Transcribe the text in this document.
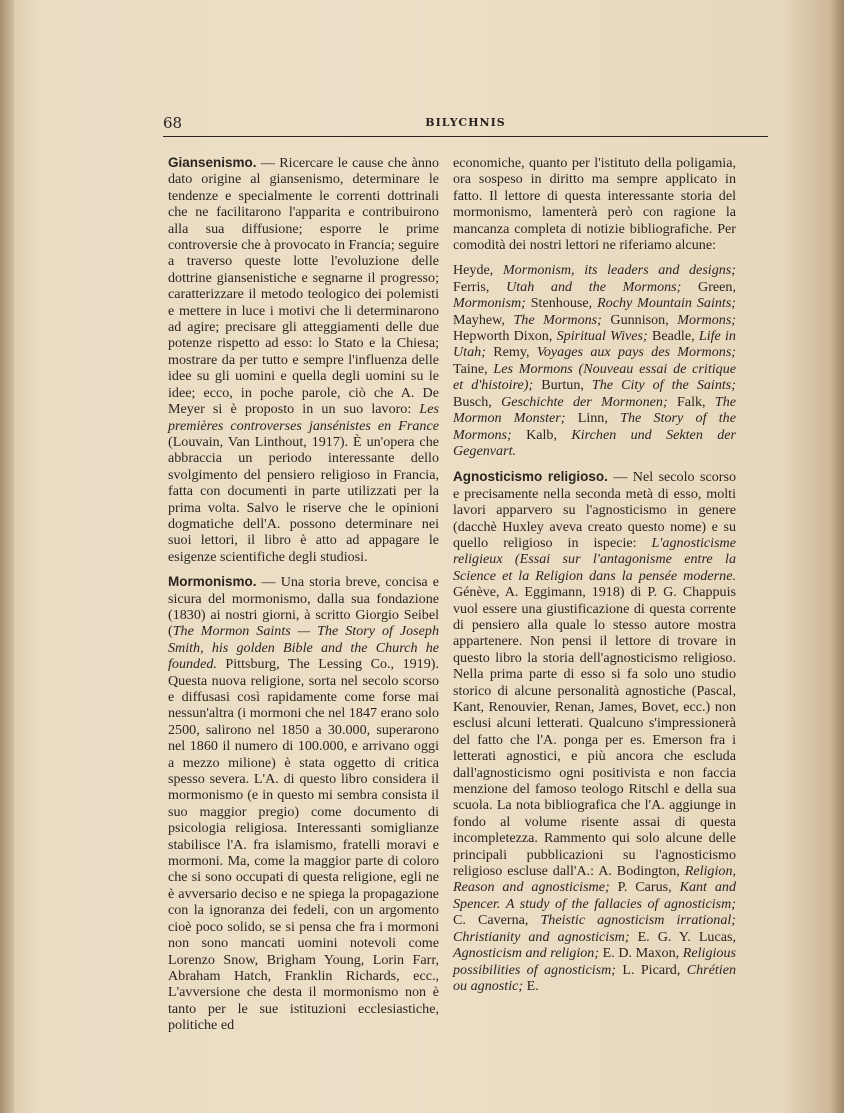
68	BILYCHNIS

Giansenismo. — Ricercare le cause che ànno dato origine al giansenismo, determinare le tendenze e specialmente le correnti dottrinali che ne facilitarono l'apparita e contribuirono alla sua diffusione; esporre le prime controversie che à provocato in Francia; seguire a traverso queste lotte l'evoluzione delle dottrine giansenistiche e segnarne il progresso; caratterizzare il metodo teologico dei polemisti e mettere in luce i motivi che li determinarono ad agire; precisare gli atteggiamenti delle due potenze rispetto ad esso: lo Stato e la Chiesa; mostrare da per tutto e sempre l'influenza delle idee su gli uomini e quella degli uomini su le idee; ecco, in poche parole, ciò che A. De Meyer si è proposto in un suo lavoro: Les premières controverses jansénistes en France (Louvain, Van Linthout, 1917). È un'opera che abbraccia un periodo interessante dello svolgimento del pensiero religioso in Francia, fatta con documenti in parte utilizzati per la prima volta. Salvo le riserve che le opinioni dogmatiche dell'A. possono determinare nei suoi lettori, il libro è atto ad appagare le esigenze scientifiche degli studiosi.

Mormonismo. — Una storia breve, concisa e sicura del mormonismo, dalla sua fondazione (1830) ai nostri giorni, à scritto Giorgio Seibel (The Mormon Saints — The Story of Joseph Smith, his golden Bible and the Church he founded. Pittsburg, The Lessing Co., 1919). Questa nuova religione, sorta nel secolo scorso e diffusasi così rapidamente come forse mai nessun'altra (i mormoni che nel 1847 erano solo 2500, salirono nel 1850 a 30.000, superarono nel 1860 il numero di 100.000, e arrivano oggi a mezzo milione) è stata oggetto di critica spesso severa. L'A. di questo libro considera il mormonismo (e in questo mi sembra consista il suo maggior pregio) come documento di psicologia religiosa. Interessanti somiglianze stabilisce l'A. fra islamismo, fratelli moravi e mormoni. Ma, come la maggior parte di coloro che si sono occupati di questa religione, egli ne è avversario deciso e ne spiega la propagazione con la ignoranza dei fedeli, con un argomento cioè poco solido, se si pensa che fra i mormoni non sono mancati uomini notevoli come Lorenzo Snow, Brigham Young, Lorin Farr, Abraham Hatch, Franklin Richards, ecc., L'avversione che desta il mormonismo non è tanto per le sue istituzioni ecclesiastiche, politiche ed

economiche, quanto per l'istituto della poligamia, ora sospeso in diritto ma sempre applicato in fatto. Il lettore di questa interessante storia del mormonismo, lamenterà però con ragione la mancanza completa di notizie bibliografiche. Per comodità dei nostri lettori ne riferiamo alcune:

Heyde, Mormonism, its leaders and designs; Ferris, Utah and the Mormons; Green, Mormonism; Stenhouse, Rochy Mountain Saints; Mayhew, The Mormons; Gunnison, Mormons; Hepworth Dixon, Spiritual Wives; Beadle, Life in Utah; Remy, Voyages aux pays des Mormons; Taine, Les Mormons (Nouveau essai de critique et d'histoire); Burtun, The City of the Saints; Busch, Geschichte der Mormonen; Falk, The Mormon Monster; Linn, The Story of the Mormons; Kalb, Kirchen und Sekten der Gegenvart.

Agnosticismo religioso. — Nel secolo scorso e precisamente nella seconda metà di esso, molti lavori apparvero su l'agnosticismo in genere (dacchè Huxley aveva creato questo nome) e su quello religioso in ispecie: L'agnosticisme religieux (Essai sur l'antagonisme entre la Science et la Religion dans la pensée moderne. Génève, A. Eggimann, 1918) di P. G. Chappuis vuol essere una giustificazione di questa corrente di pensiero alla quale lo stesso autore mostra appartenere. Non pensi il lettore di trovare in questo libro la storia dell'agnosticismo religioso. Nella prima parte di esso si fa solo uno studio storico di alcune personalità agnostiche (Pascal, Kant, Renouvier, Renan, James, Bovet, ecc.) non esclusi alcuni letterati. Qualcuno s'impressionerà del fatto che l'A. ponga per es. Emerson fra i letterati agnostici, e più ancora che escluda dall'agnosticismo ogni positivista e non faccia menzione del famoso teologo Ritschl e della sua scuola. La nota bibliografica che l'A. aggiunge in fondo al volume risente assai di questa incompletezza. Rammento qui solo alcune delle principali pubblicazioni su l'agnosticismo religioso escluse dall'A.: A. Bodington, Religion, Reason and agnosticisme; P. Carus, Kant and Spencer. A study of the fallacies of agnosticism; C. Caverna, Theistic agnosticism irrational; Christianity and agnosticism; E. G. Y. Lucas, Agnosticism and religion; E. D. Maxon, Religious possibilities of agnosticism; L. Picard, Chrétien ou agnostic; E.
